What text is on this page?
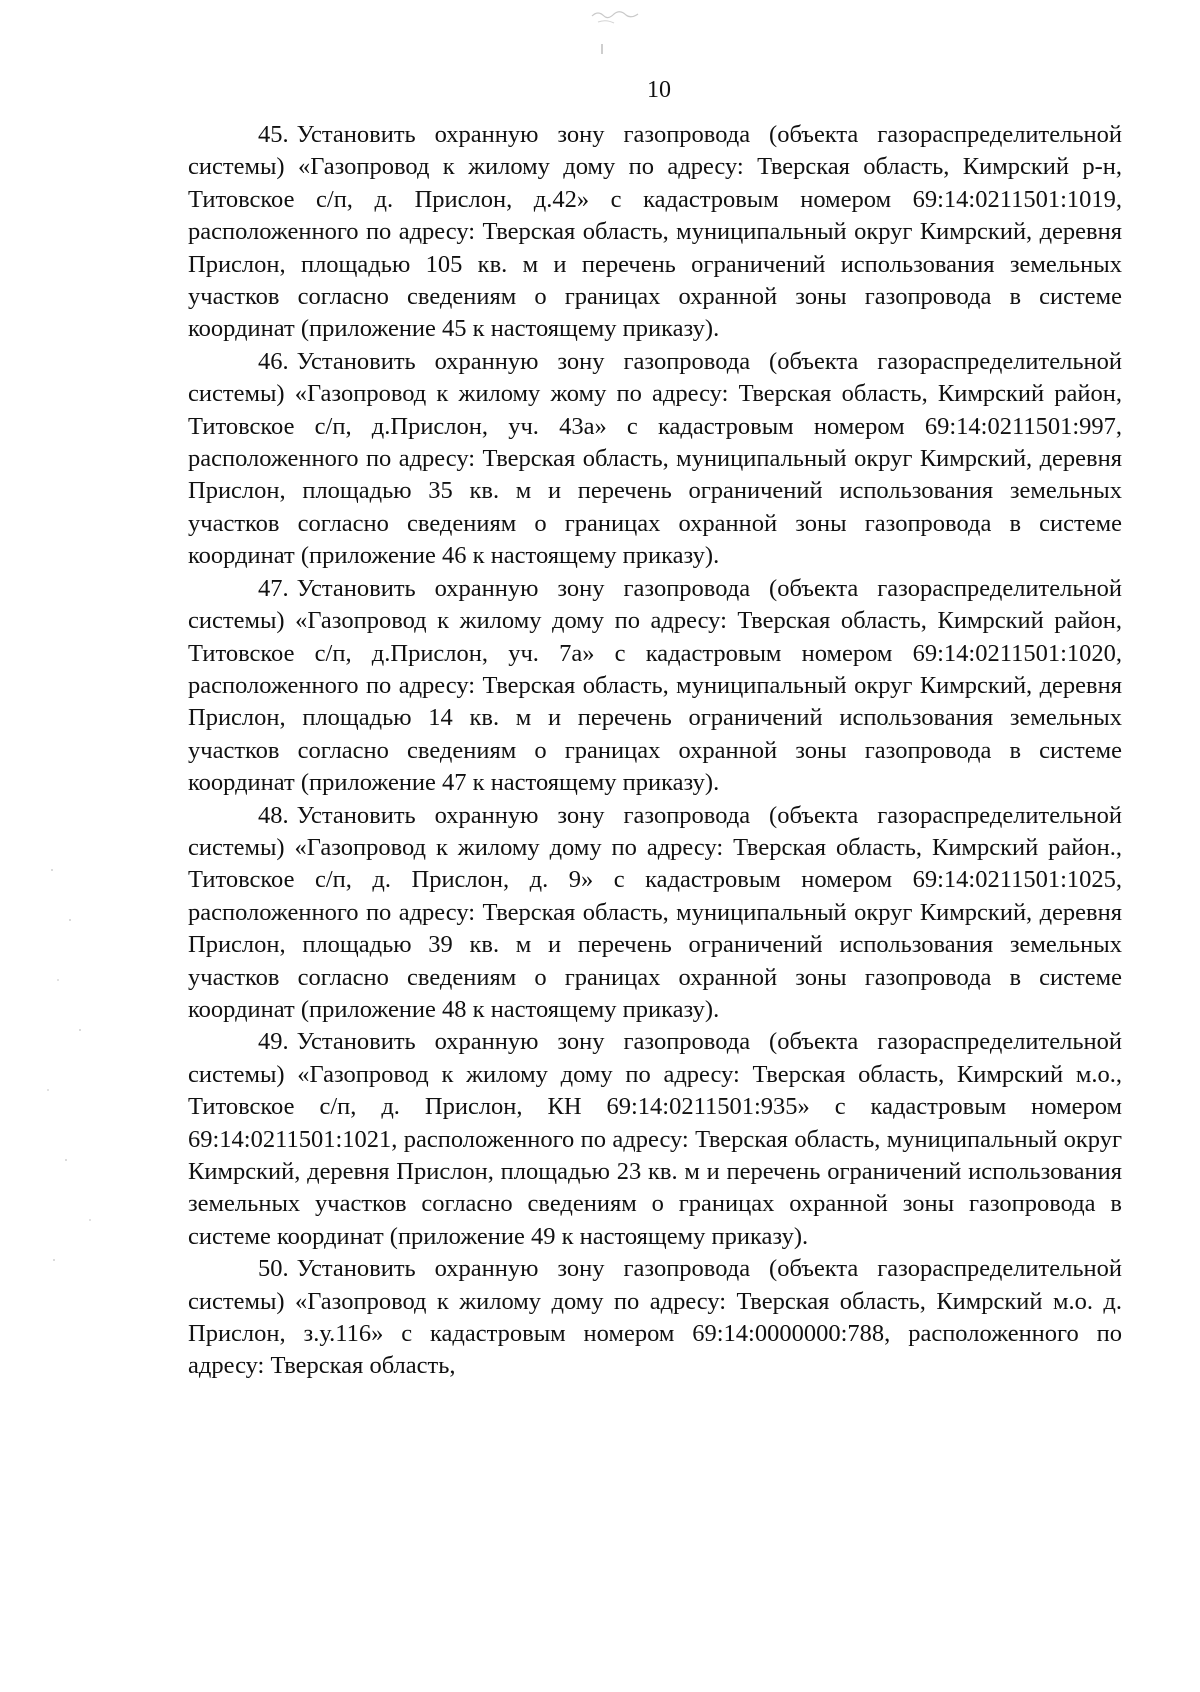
10

45. Установить охранную зону газопровода (объекта газораспределительной системы) «Газопровод к жилому дому по адресу: Тверская область, Кимрский р-н, Титовское с/п, д. Прислон, д.42» с кадастровым номером 69:14:0211501:1019, расположенного по адресу: Тверская область, муниципальный округ Кимрский, деревня Прислон, площадью 105 кв. м и перечень ограничений использования земельных участков согласно сведениям о границах охранной зоны газопровода в системе координат (приложение 45 к настоящему приказу).

46. Установить охранную зону газопровода (объекта газораспределительной системы) «Газопровод к жилому жому по адресу: Тверская область, Кимрский район, Титовское с/п, д.Прислон, уч. 43а» с кадастровым номером 69:14:0211501:997, расположенного по адресу: Тверская область, муниципальный округ Кимрский, деревня Прислон, площадью 35 кв. м и перечень ограничений использования земельных участков согласно сведениям о границах охранной зоны газопровода в системе координат (приложение 46 к настоящему приказу).

47. Установить охранную зону газопровода (объекта газораспределительной системы) «Газопровод к жилому дому по адресу: Тверская область, Кимрский район, Титовское с/п, д.Прислон, уч. 7а» с кадастровым номером 69:14:0211501:1020, расположенного по адресу: Тверская область, муниципальный округ Кимрский, деревня Прислон, площадью 14 кв. м и перечень ограничений использования земельных участков согласно сведениям о границах охранной зоны газопровода в системе координат (приложение 47 к настоящему приказу).

48. Установить охранную зону газопровода (объекта газораспределительной системы) «Газопровод к жилому дому по адресу: Тверская область, Кимрский район., Титовское с/п, д. Прислон, д. 9» с кадастровым номером 69:14:0211501:1025, расположенного по адресу: Тверская область, муниципальный округ Кимрский, деревня Прислон, площадью 39 кв. м и перечень ограничений использования земельных участков согласно сведениям о границах охранной зоны газопровода в системе координат (приложение 48 к настоящему приказу).

49. Установить охранную зону газопровода (объекта газораспределительной системы) «Газопровод к жилому дому по адресу: Тверская область, Кимрский м.о., Титовское с/п, д. Прислон, КН 69:14:0211501:935» с кадастровым номером 69:14:0211501:1021, расположенного по адресу: Тверская область, муниципальный округ Кимрский, деревня Прислон, площадью 23 кв. м и перечень ограничений использования земельных участков согласно сведениям о границах охранной зоны газопровода в системе координат (приложение 49 к настоящему приказу).

50. Установить охранную зону газопровода (объекта газораспределительной системы) «Газопровод к жилому дому по адресу: Тверская область, Кимрский м.о. д. Прислон, з.у.116» с кадастровым номером 69:14:0000000:788, расположенного по адресу: Тверская область,
